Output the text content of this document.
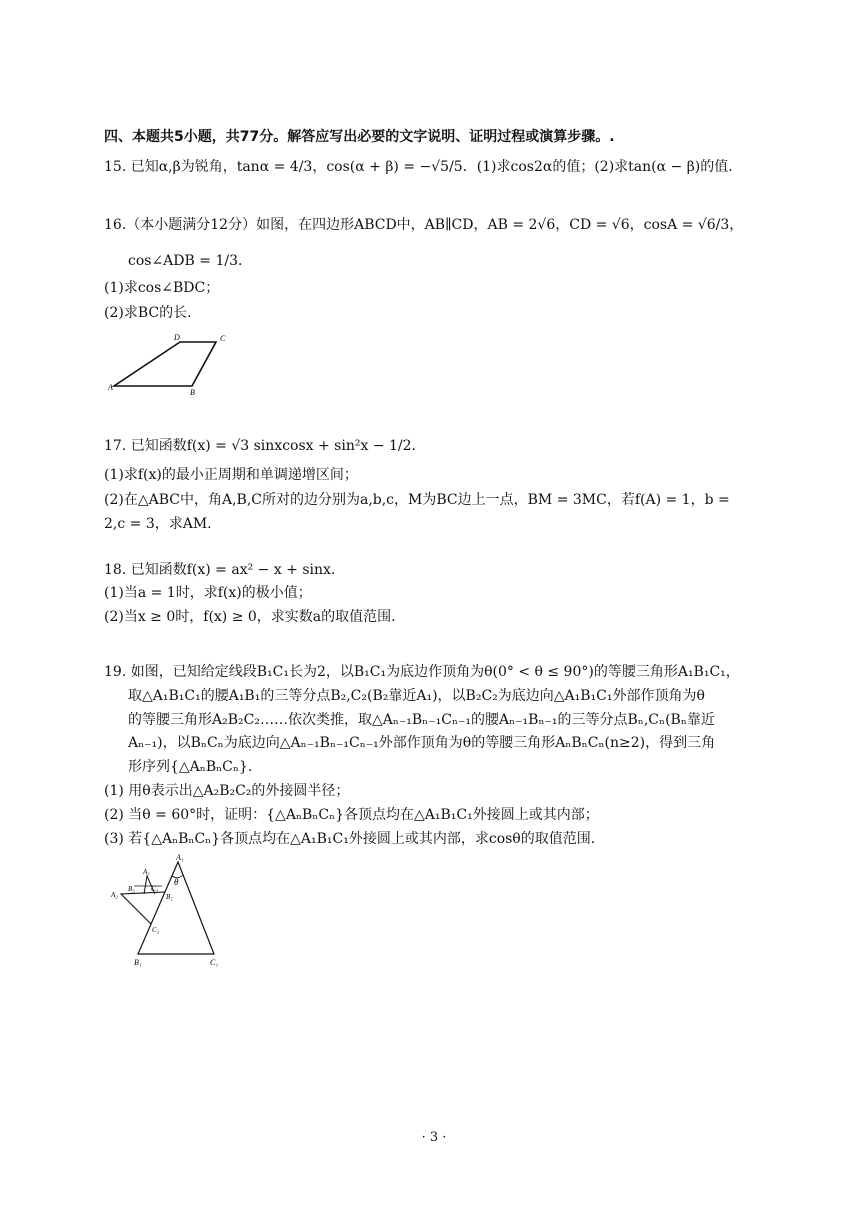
四、本题共5小题，共77分。解答应写出必要的文字说明、证明过程或演算步骤。.
15. 已知α,β为锐角，tanα = 4/3，cos(α + β) = −√5/5．(1)求cos2α的值；(2)求tan(α − β)的值.
16.（本小题满分12分）如图，在四边形ABCD中，AB∥CD，AB = 2√6，CD = √6，cosA = √6/3，
cos∠ADB = 1/3．
(1)求cos∠BDC；
(2)求BC的长.
D	C
A
B
17. 已知函数f(x) = √3 sinxcosx + sin²x − 1/2．
(1)求f(x)的最小正周期和单调递增区间；
(2)在△ABC中，角A,B,C所对的边分别为a,b,c，M为BC边上一点，BM = 3MC，若f(A) = 1，b =
2,c = 3，求AM.
18. 已知函数f(x) = ax² − x + sinx.
(1)当a = 1时，求f(x)的极小值；
(2)当x ≥ 0时，f(x) ≥ 0，求实数a的取值范围.
19. 如图，已知给定线段B₁C₁长为2，以B₁C₁为底边作顶角为θ(0° < θ ≤ 90°)的等腰三角形A₁B₁C₁，
取△A₁B₁C₁的腰A₁B₁的三等分点B₂,C₂(B₂靠近A₁)，以B₂C₂为底边向△A₁B₁C₁外部作顶角为θ
的等腰三角形A₂B₂C₂……依次类推，取△Aₙ₋₁Bₙ₋₁Cₙ₋₁的腰Aₙ₋₁Bₙ₋₁的三等分点Bₙ,Cₙ(Bₙ靠近
Aₙ₋₁)，以BₙCₙ为底边向△Aₙ₋₁Bₙ₋₁Cₙ₋₁外部作顶角为θ的等腰三角形AₙBₙCₙ(n≥2)，得到三角
形序列{△AₙBₙCₙ}.
(1) 用θ表示出△A₂B₂C₂的外接圆半径；
(2) 当θ = 60°时，证明：{△AₙBₙCₙ}各顶点均在△A₁B₁C₁外接圆上或其内部；
(3) 若{△AₙBₙCₙ}各顶点均在△A₁B₁C₁外接圆上或其内部，求cosθ的取值范围.
A₁
θ
A₃
B₃ C₃
A₂	B₂
C₂
B₁	C₁
· 3 ·
